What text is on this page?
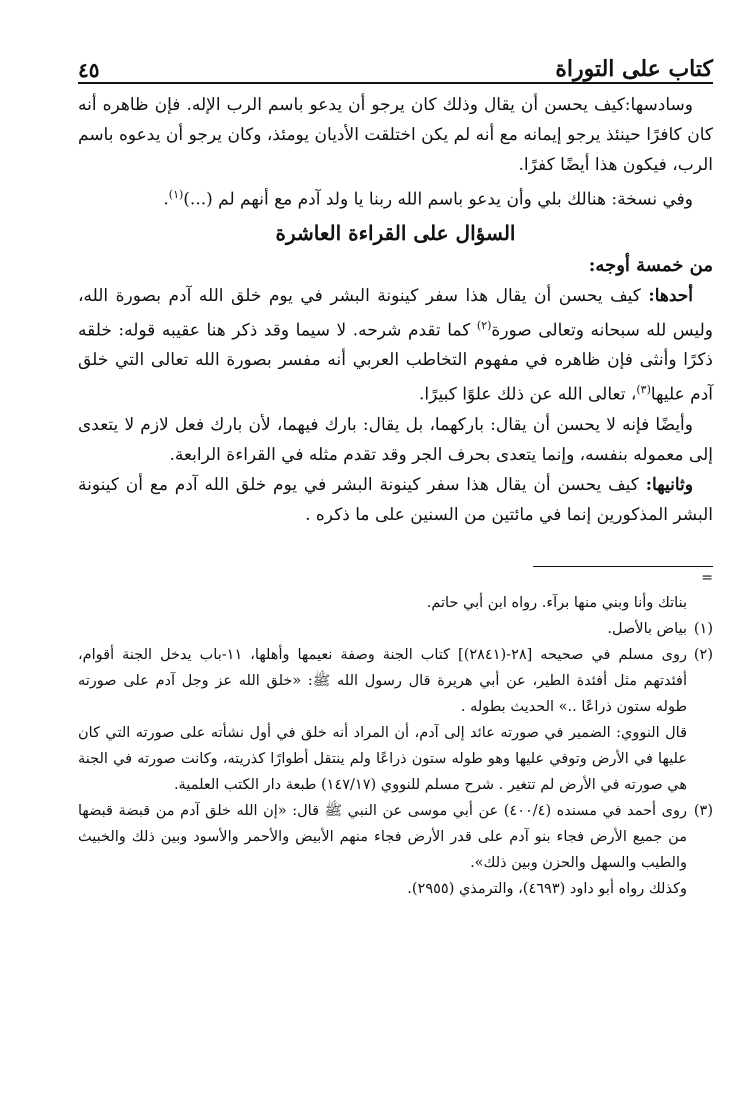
كتاب على التوراة
٤٥

وسادسها:كيف يحسن أن يقال وذلك كان يرجو أن يدعو باسم الرب الإله. فإن ظاهره أنه كان كافرًا حينئذ يرجو إيمانه مع أنه لم يكن اختلقت الأديان يومئذ، وكان يرجو أن يدعوه باسم الرب، فيكون هذا أيضًا كفرًا.

وفي نسخة: هنالك بلي وأن يدعو باسم الله ربنا يا ولد آدم مع أنهم لم (...)$^{(١)}$.

السؤال على القراءة العاشرة

من خمسة أوجه:

أحدها: كيف يحسن أن يقال هذا سفر كينونة البشر في يوم خلق الله آدم بصورة الله، وليس لله سبحانه وتعالى صورة$^{(٢)}$ كما تقدم شرحه. لا سيما وقد ذكر هنا عقيبه قوله: خلقه ذكرًا وأنثى فإن ظاهره في مفهوم التخاطب العربي أنه مفسر بصورة الله تعالى التي خلق آدم عليها$^{(٣)}$، تعالى الله عن ذلك علوًا كبيرًا.

وأيضًا فإنه لا يحسن أن يقال: باركهما، بل يقال: بارك فيهما، لأن بارك فعل لازم لا يتعدى إلى معموله بنفسه، وإنما يتعدى بحرف الجر وقد تقدم مثله في القراءة الرابعة.

وثانيها: كيف يحسن أن يقال هذا سفر كينونة البشر في يوم خلق الله آدم مع أن كينونة البشر المذكورين إنما في مائتين من السنين على ما ذكره .

=

بناتك وأنا وبني منها برآء. رواه ابن أبي حاتم.

(١)

بياض بالأصل.

(٢)

روى مسلم في صحيحه [٢٨-(٢٨٤١)] كتاب الجنة وصفة نعيمها وأهلها، ١١-باب يدخل الجنة أقوام، أفئدتهم مثل أفئدة الطير، عن أبي هريرة قال رسول الله ﷺ: «خلق الله عز وجل آدم على صورته طوله ستون ذراعًا ..» الحديث بطوله .

قال النووي: الضمير في صورته عائد إلى آدم، أن المراد أنه خلق في أول نشأته على صورته التي كان عليها في الأرض وتوفي عليها وهو طوله ستون ذراعًا ولم ينتقل أطوارًا كذريته، وكانت صورته في الجنة هي صورته في الأرض لم تتغير . شرح مسلم للنووي (١٤٧/١٧) طبعة دار الكتب العلمية.

(٣)

روى أحمد في مسنده (٤٠٠/٤) عن أبي موسى عن النبي ﷺ قال: «إن الله خلق آدم من قبضة قبضها من جميع الأرض فجاء بنو آدم على قدر الأرض فجاء منهم الأبيض والأحمر والأسود وبين ذلك والخبيث والطيب والسهل والحزن وبين ذلك».

وكذلك رواه أبو داود (٤٦٩٣)، والترمذي (٢٩٥٥).
